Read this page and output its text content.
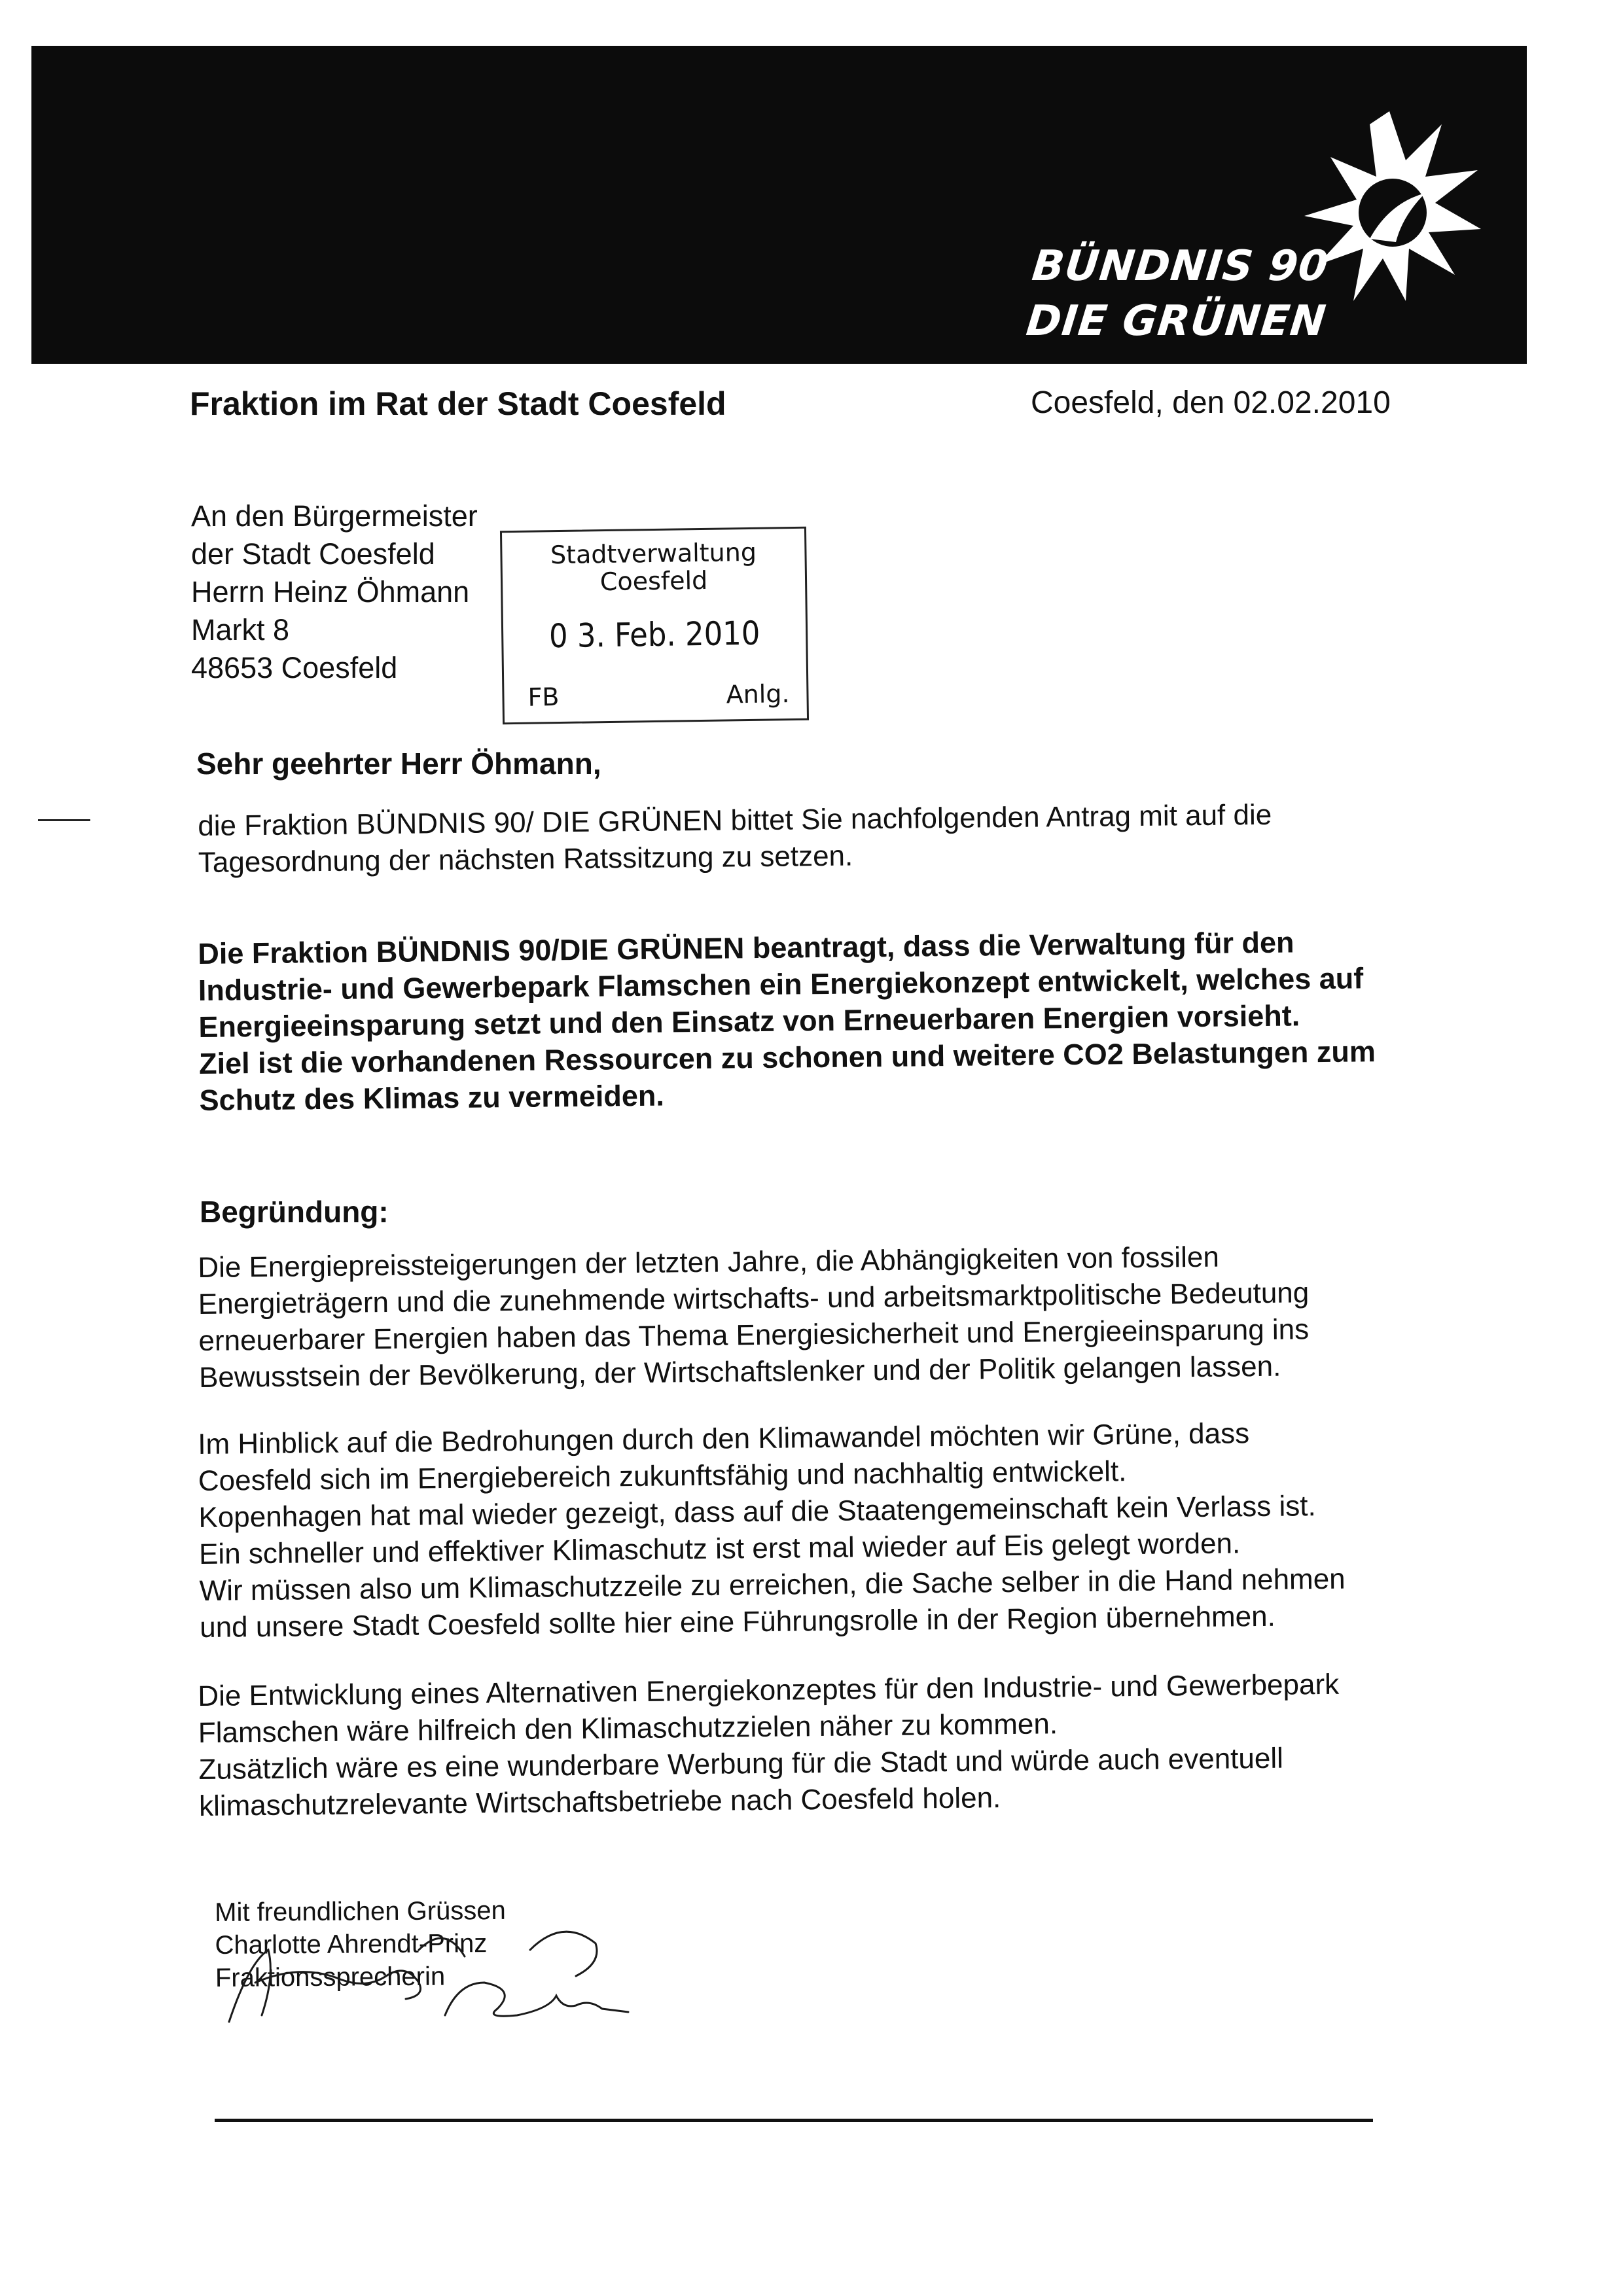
BÜNDNIS 90
DIE GRÜNEN
Fraktion im Rat der Stadt Coesfeld	Coesfeld, den 02.02.2010
An den Bürgermeister
der Stadt Coesfeld
Herrn Heinz Öhmann
Markt 8
48653 Coesfeld
Stadtverwaltung
Coesfeld
0 3. Feb. 2010
FB	Anlg.
Sehr geehrter Herr Öhmann,
die Fraktion BÜNDNIS 90/ DIE GRÜNEN bittet Sie nachfolgenden Antrag mit auf die
Tagesordnung der nächsten Ratssitzung zu setzen.
Die Fraktion BÜNDNIS 90/DIE GRÜNEN beantragt, dass die Verwaltung für den
Industrie- und Gewerbepark Flamschen ein Energiekonzept entwickelt, welches auf
Energieeinsparung setzt und den Einsatz von Erneuerbaren Energien vorsieht.
Ziel ist die vorhandenen Ressourcen zu schonen und weitere CO2 Belastungen zum
Schutz des Klimas zu vermeiden.
Begründung:
Die Energiepreissteigerungen der letzten Jahre, die Abhängigkeiten von fossilen
Energieträgern und die zunehmende wirtschafts- und arbeitsmarktpolitische Bedeutung
erneuerbarer Energien haben das Thema Energiesicherheit und Energieeinsparung ins
Bewusstsein der Bevölkerung, der Wirtschaftslenker und der Politik gelangen lassen.
Im Hinblick auf die Bedrohungen durch den Klimawandel möchten wir Grüne, dass
Coesfeld sich im Energiebereich zukunftsfähig und nachhaltig entwickelt.
Kopenhagen hat mal wieder gezeigt, dass auf die Staatengemeinschaft kein Verlass ist.
Ein schneller und effektiver Klimaschutz ist erst mal wieder auf Eis gelegt worden.
Wir müssen also um Klimaschutzzeile zu erreichen, die Sache selber in die Hand nehmen
und unsere Stadt Coesfeld sollte hier eine Führungsrolle in der Region übernehmen.
Die Entwicklung eines Alternativen Energiekonzeptes für den Industrie- und Gewerbepark
Flamschen wäre hilfreich den Klimaschutzzielen näher zu kommen.
Zusätzlich wäre es eine wunderbare Werbung für die Stadt und würde auch eventuell
klimaschutzrelevante Wirtschaftsbetriebe nach Coesfeld holen.
Mit freundlichen Grüssen
Charlotte Ahrendt-Prinz
Fraktionssprecherin
